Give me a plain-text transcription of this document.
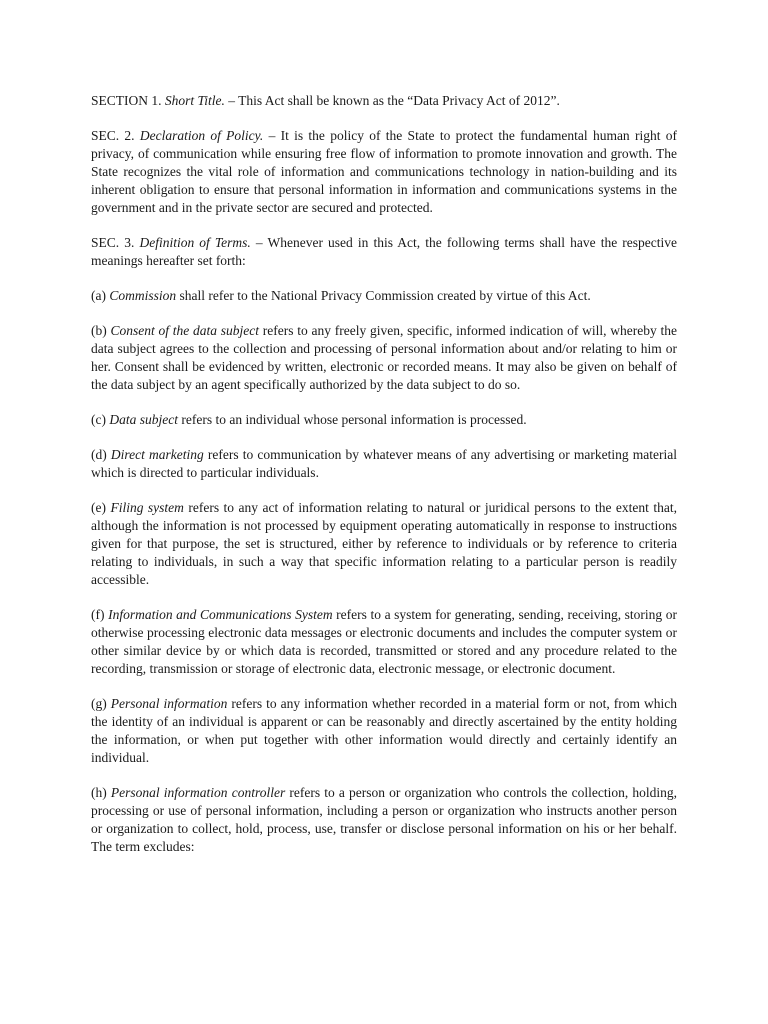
SECTION 1. Short Title. – This Act shall be known as the “Data Privacy Act of 2012”.

SEC. 2. Declaration of Policy. – It is the policy of the State to protect the fundamental human right of privacy, of communication while ensuring free flow of information to promote innovation and growth. The State recognizes the vital role of information and communications technology in nation-building and its inherent obligation to ensure that personal information in information and communications systems in the government and in the private sector are secured and protected.

SEC. 3. Definition of Terms. – Whenever used in this Act, the following terms shall have the respective meanings hereafter set forth:

(a) Commission shall refer to the National Privacy Commission created by virtue of this Act.

(b) Consent of the data subject refers to any freely given, specific, informed indication of will, whereby the data subject agrees to the collection and processing of personal information about and/or relating to him or her. Consent shall be evidenced by written, electronic or recorded means. It may also be given on behalf of the data subject by an agent specifically authorized by the data subject to do so.

(c) Data subject refers to an individual whose personal information is processed.

(d) Direct marketing refers to communication by whatever means of any advertising or marketing material which is directed to particular individuals.

(e) Filing system refers to any act of information relating to natural or juridical persons to the extent that, although the information is not processed by equipment operating automatically in response to instructions given for that purpose, the set is structured, either by reference to individuals or by reference to criteria relating to individuals, in such a way that specific information relating to a particular person is readily accessible.

(f) Information and Communications System refers to a system for generating, sending, receiving, storing or otherwise processing electronic data messages or electronic documents and includes the computer system or other similar device by or which data is recorded, transmitted or stored and any procedure related to the recording, transmission or storage of electronic data, electronic message, or electronic document.

(g) Personal information refers to any information whether recorded in a material form or not, from which the identity of an individual is apparent or can be reasonably and directly ascertained by the entity holding the information, or when put together with other information would directly and certainly identify an individual.

(h) Personal information controller refers to a person or organization who controls the collection, holding, processing or use of personal information, including a person or organization who instructs another person or organization to collect, hold, process, use, transfer or disclose personal information on his or her behalf. The term excludes:
